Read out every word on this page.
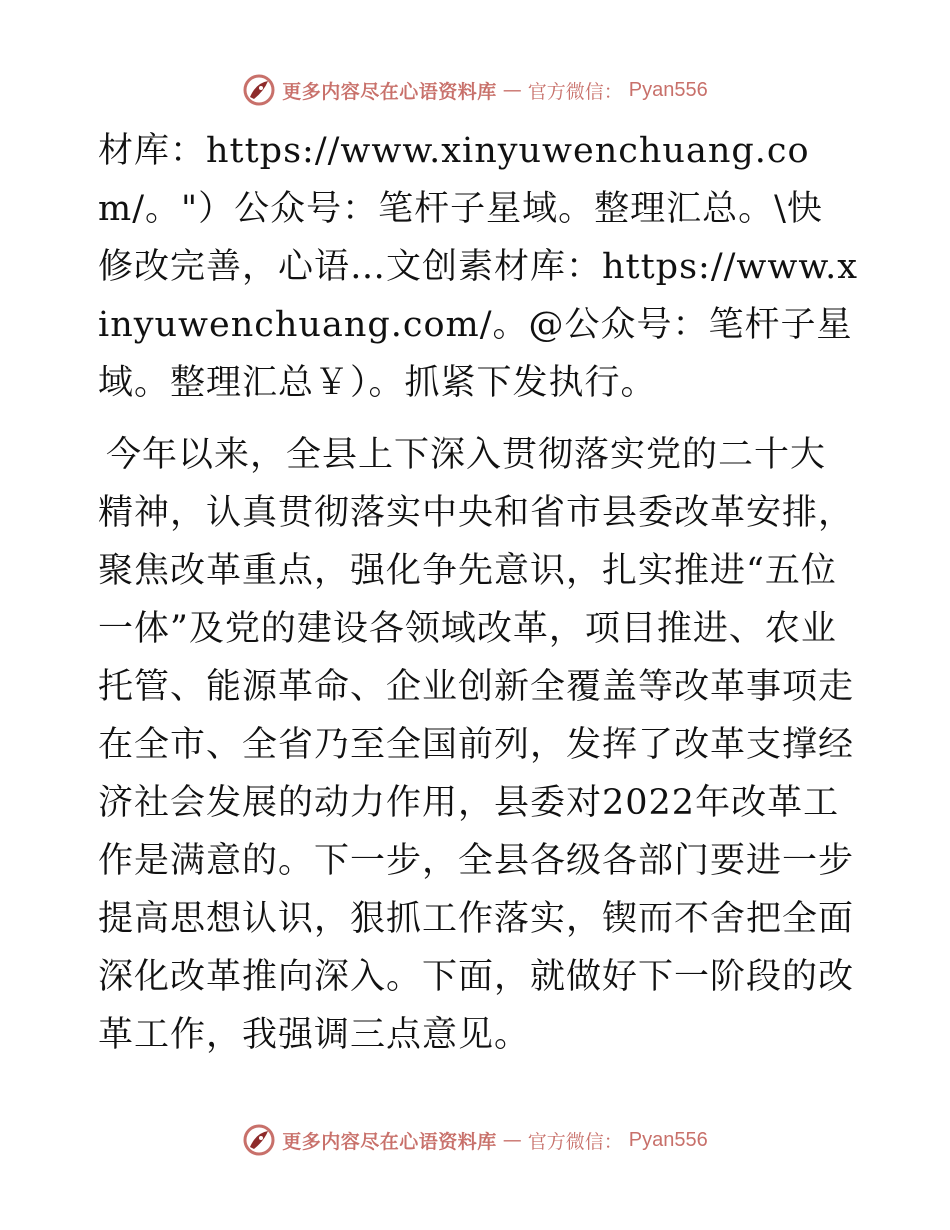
更多内容尽在心语资料库 — 官方微信： Pyan556

材库：https://www.xinyuwenchuang.com/。"）公众号：笔杆子星域。整理汇总。\快修改完善，心语…文创素材库：https://www.xinyuwenchuang.com/。@公众号：笔杆子星域。整理汇总￥）。抓紧下发执行。

今年以来，全县上下深入贯彻落实党的二十大精神，认真贯彻落实中央和省市县委改革安排，聚焦改革重点，强化争先意识，扎实推进“五位一体”及党的建设各领域改革，项目推进、农业托管、能源革命、企业创新全覆盖等改革事项走在全市、全省乃至全国前列，发挥了改革支撑经济社会发展的动力作用，县委对2022年改革工作是满意的。下一步，全县各级各部门要进一步提高思想认识，狠抓工作落实，锲而不舍把全面深化改革推向深入。下面，就做好下一阶段的改革工作，我强调三点意见。

更多内容尽在心语资料库 — 官方微信： Pyan556
